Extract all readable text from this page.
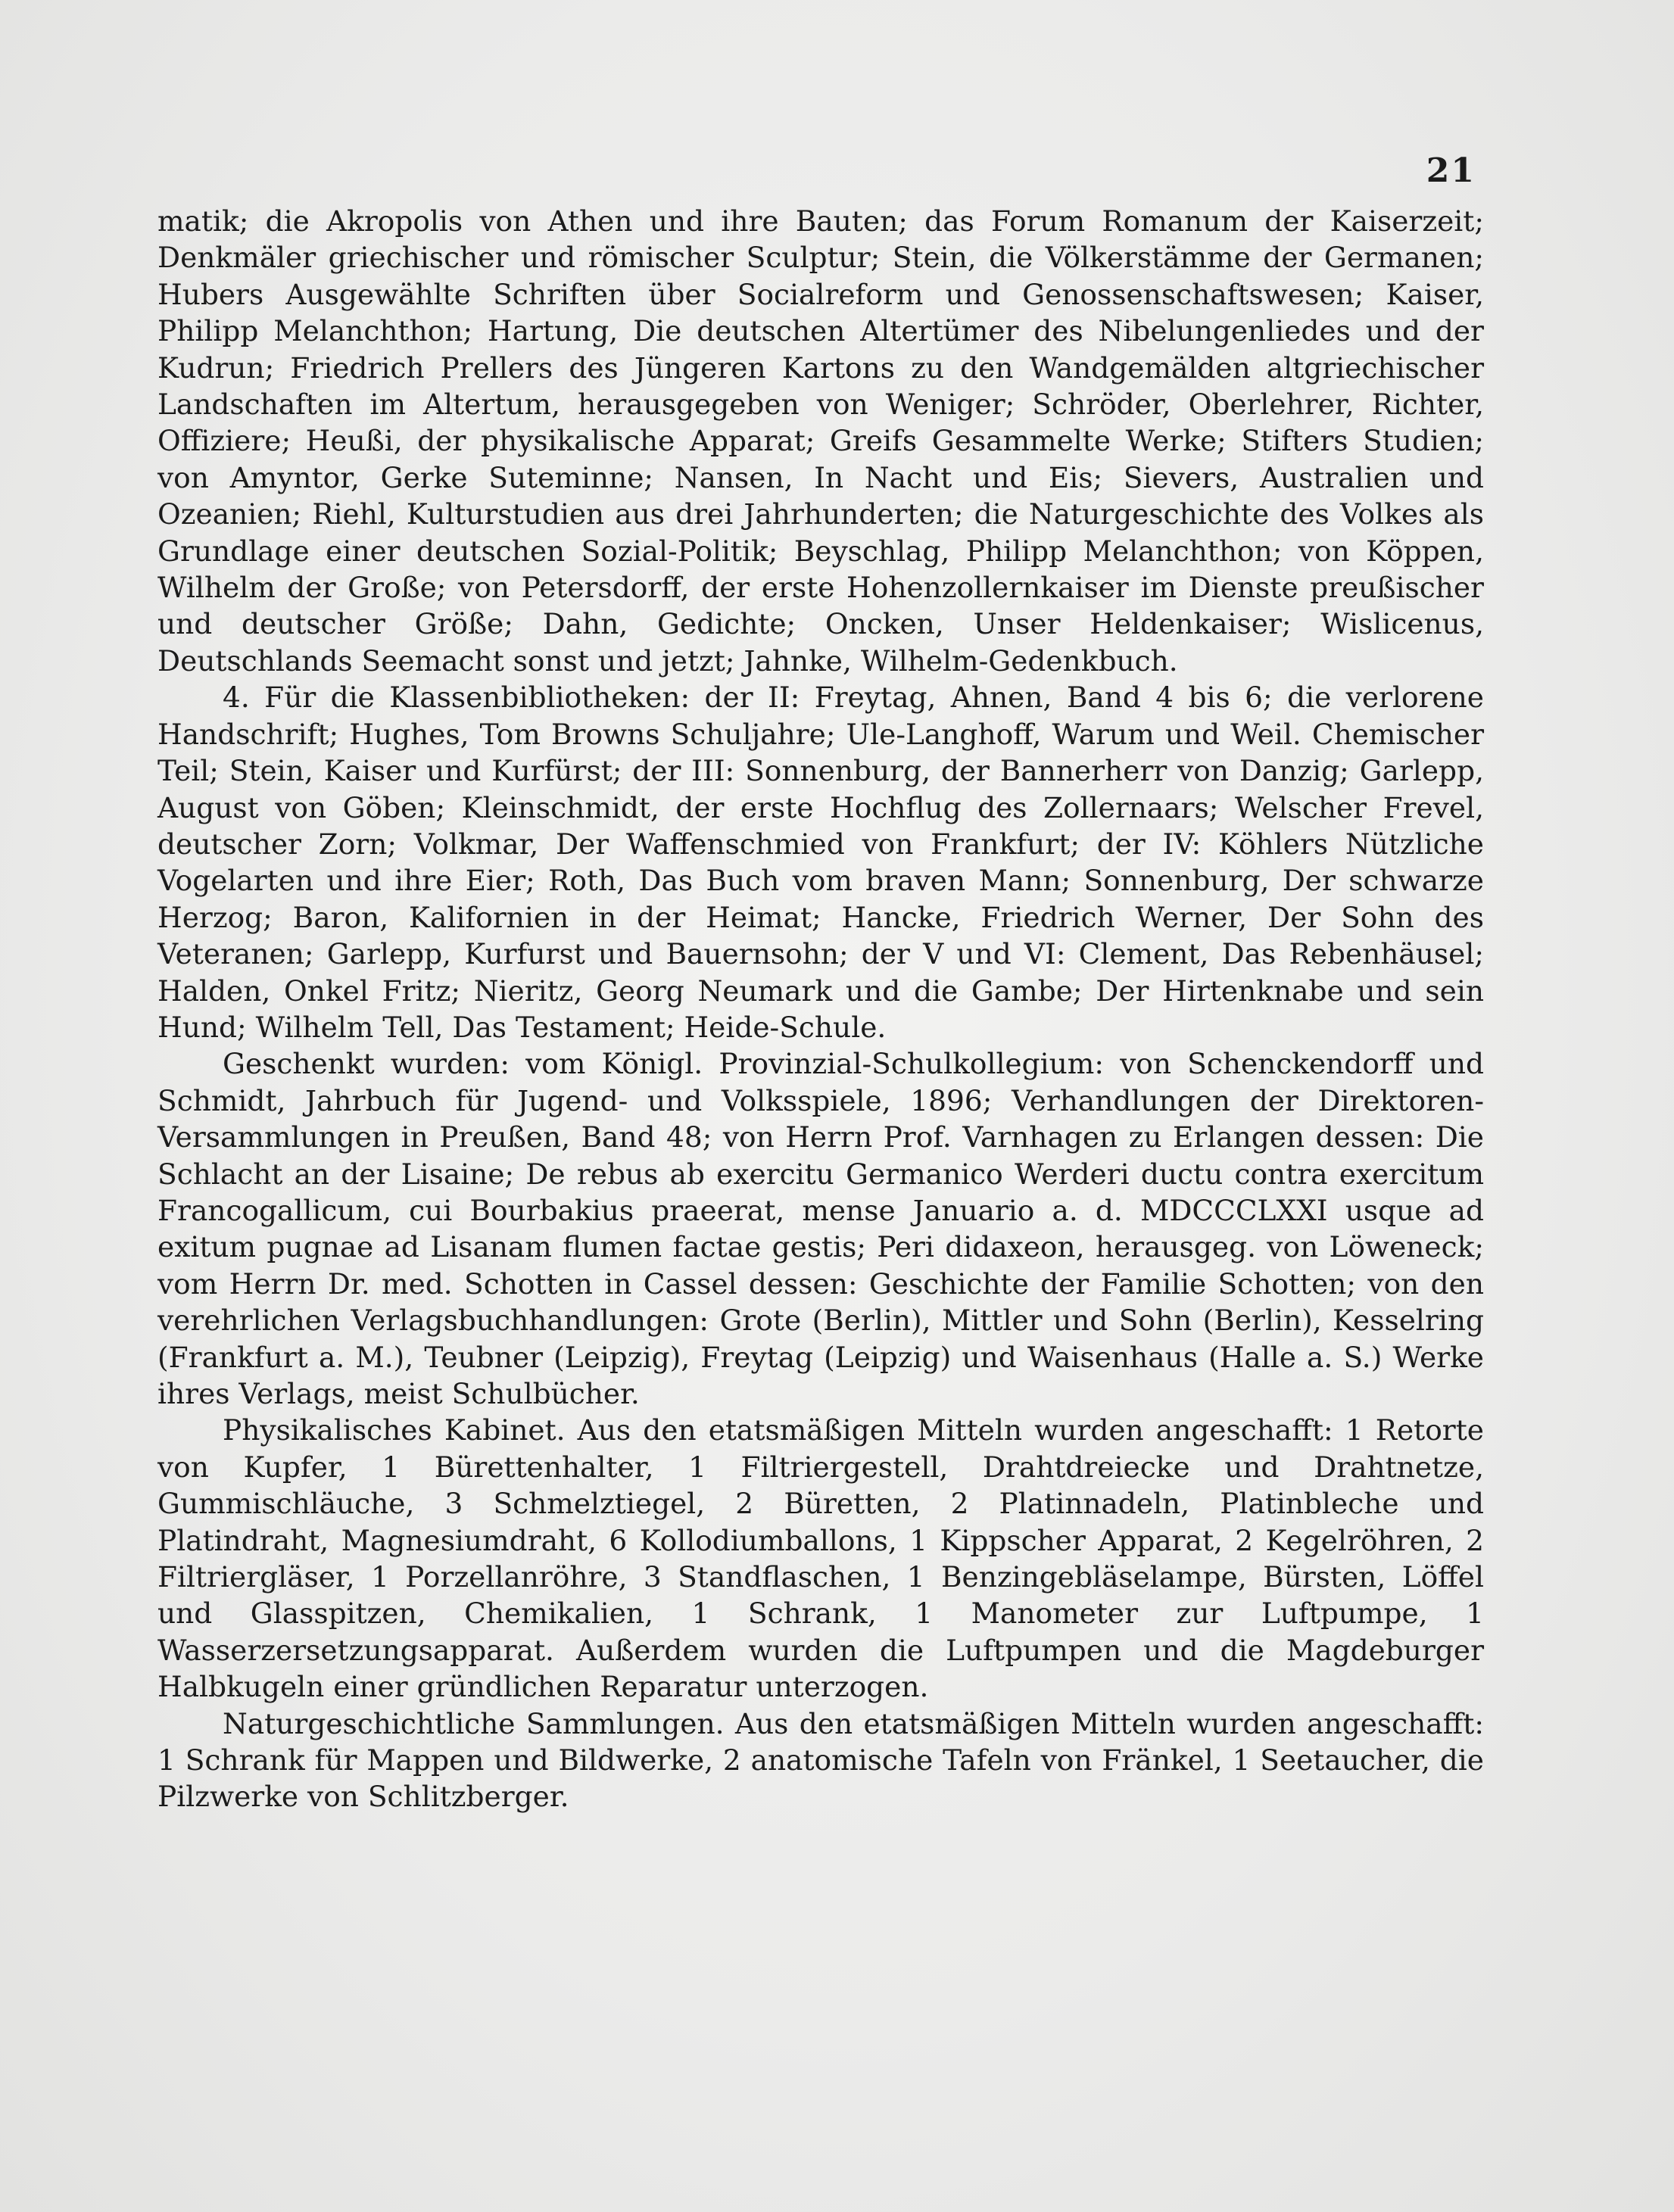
21

matik; die Akropolis von Athen und ihre Bauten; das Forum Romanum der Kaiserzeit; Denkmäler griechischer und römischer Sculptur; Stein, die Völkerstämme der Germanen; Hubers Ausgewählte Schriften über Socialreform und Genossenschaftswesen; Kaiser, Philipp Melanchthon; Hartung, Die deutschen Altertümer des Nibelungenliedes und der Kudrun; Friedrich Prellers des Jüngeren Kartons zu den Wandgemälden altgriechischer Landschaften im Altertum, herausgegeben von Weniger; Schröder, Oberlehrer, Richter, Offiziere; Heußi, der physikalische Apparat; Greifs Gesammelte Werke; Stifters Studien; von Amyntor, Gerke Suteminne; Nansen, In Nacht und Eis; Sievers, Australien und Ozeanien; Riehl, Kulturstudien aus drei Jahrhunderten; die Naturgeschichte des Volkes als Grundlage einer deutschen Sozial-Politik; Beyschlag, Philipp Melanchthon; von Köppen, Wilhelm der Große; von Petersdorff, der erste Hohenzollernkaiser im Dienste preußischer und deutscher Größe; Dahn, Gedichte; Oncken, Unser Heldenkaiser; Wislicenus, Deutschlands Seemacht sonst und jetzt; Jahnke, Wilhelm-Gedenkbuch.

4. Für die Klassenbibliotheken: der II: Freytag, Ahnen, Band 4 bis 6; die verlorene Handschrift; Hughes, Tom Browns Schuljahre; Ule-Langhoff, Warum und Weil. Chemischer Teil; Stein, Kaiser und Kurfürst; der III: Sonnenburg, der Bannerherr von Danzig; Garlepp, August von Göben; Kleinschmidt, der erste Hochflug des Zollernaars; Welscher Frevel, deutscher Zorn; Volkmar, Der Waffenschmied von Frankfurt; der IV: Köhlers Nützliche Vogelarten und ihre Eier; Roth, Das Buch vom braven Mann; Sonnenburg, Der schwarze Herzog; Baron, Kalifornien in der Heimat; Hancke, Friedrich Werner, Der Sohn des Veteranen; Garlepp, Kurfurst und Bauernsohn; der V und VI: Clement, Das Rebenhäusel; Halden, Onkel Fritz; Nieritz, Georg Neumark und die Gambe; Der Hirtenknabe und sein Hund; Wilhelm Tell, Das Testament; Heide-Schule.

Geschenkt wurden: vom Königl. Provinzial-Schulkollegium: von Schenckendorff und Schmidt, Jahrbuch für Jugend- und Volksspiele, 1896; Verhandlungen der Direktoren-Versammlungen in Preußen, Band 48; von Herrn Prof. Varnhagen zu Erlangen dessen: Die Schlacht an der Lisaine; De rebus ab exercitu Germanico Werderi ductu contra exercitum Francogallicum, cui Bourbakius praeerat, mense Januario a. d. MDCCCLXXI usque ad exitum pugnae ad Lisanam flumen factae gestis; Peri didaxeon, herausgeg. von Löweneck; vom Herrn Dr. med. Schotten in Cassel dessen: Geschichte der Familie Schotten; von den verehrlichen Verlagsbuchhandlungen: Grote (Berlin), Mittler und Sohn (Berlin), Kesselring (Frankfurt a. M.), Teubner (Leipzig), Freytag (Leipzig) und Waisenhaus (Halle a. S.) Werke ihres Verlags, meist Schulbücher.

Physikalisches Kabinet. Aus den etatsmäßigen Mitteln wurden angeschafft: 1 Retorte von Kupfer, 1 Bürettenhalter, 1 Filtriergestell, Drahtdreiecke und Drahtnetze, Gummischläuche, 3 Schmelztiegel, 2 Büretten, 2 Platinnadeln, Platinbleche und Platindraht, Magnesiumdraht, 6 Kollodiumballons, 1 Kippscher Apparat, 2 Kegelröhren, 2 Filtriergläser, 1 Porzellanröhre, 3 Standflaschen, 1 Benzingebläselampe, Bürsten, Löffel und Glasspitzen, Chemikalien, 1 Schrank, 1 Manometer zur Luftpumpe, 1 Wasserzersetzungsapparat. Außerdem wurden die Luftpumpen und die Magdeburger Halbkugeln einer gründlichen Reparatur unterzogen.

Naturgeschichtliche Sammlungen. Aus den etatsmäßigen Mitteln wurden angeschafft: 1 Schrank für Mappen und Bildwerke, 2 anatomische Tafeln von Fränkel, 1 Seetaucher, die Pilzwerke von Schlitzberger.
